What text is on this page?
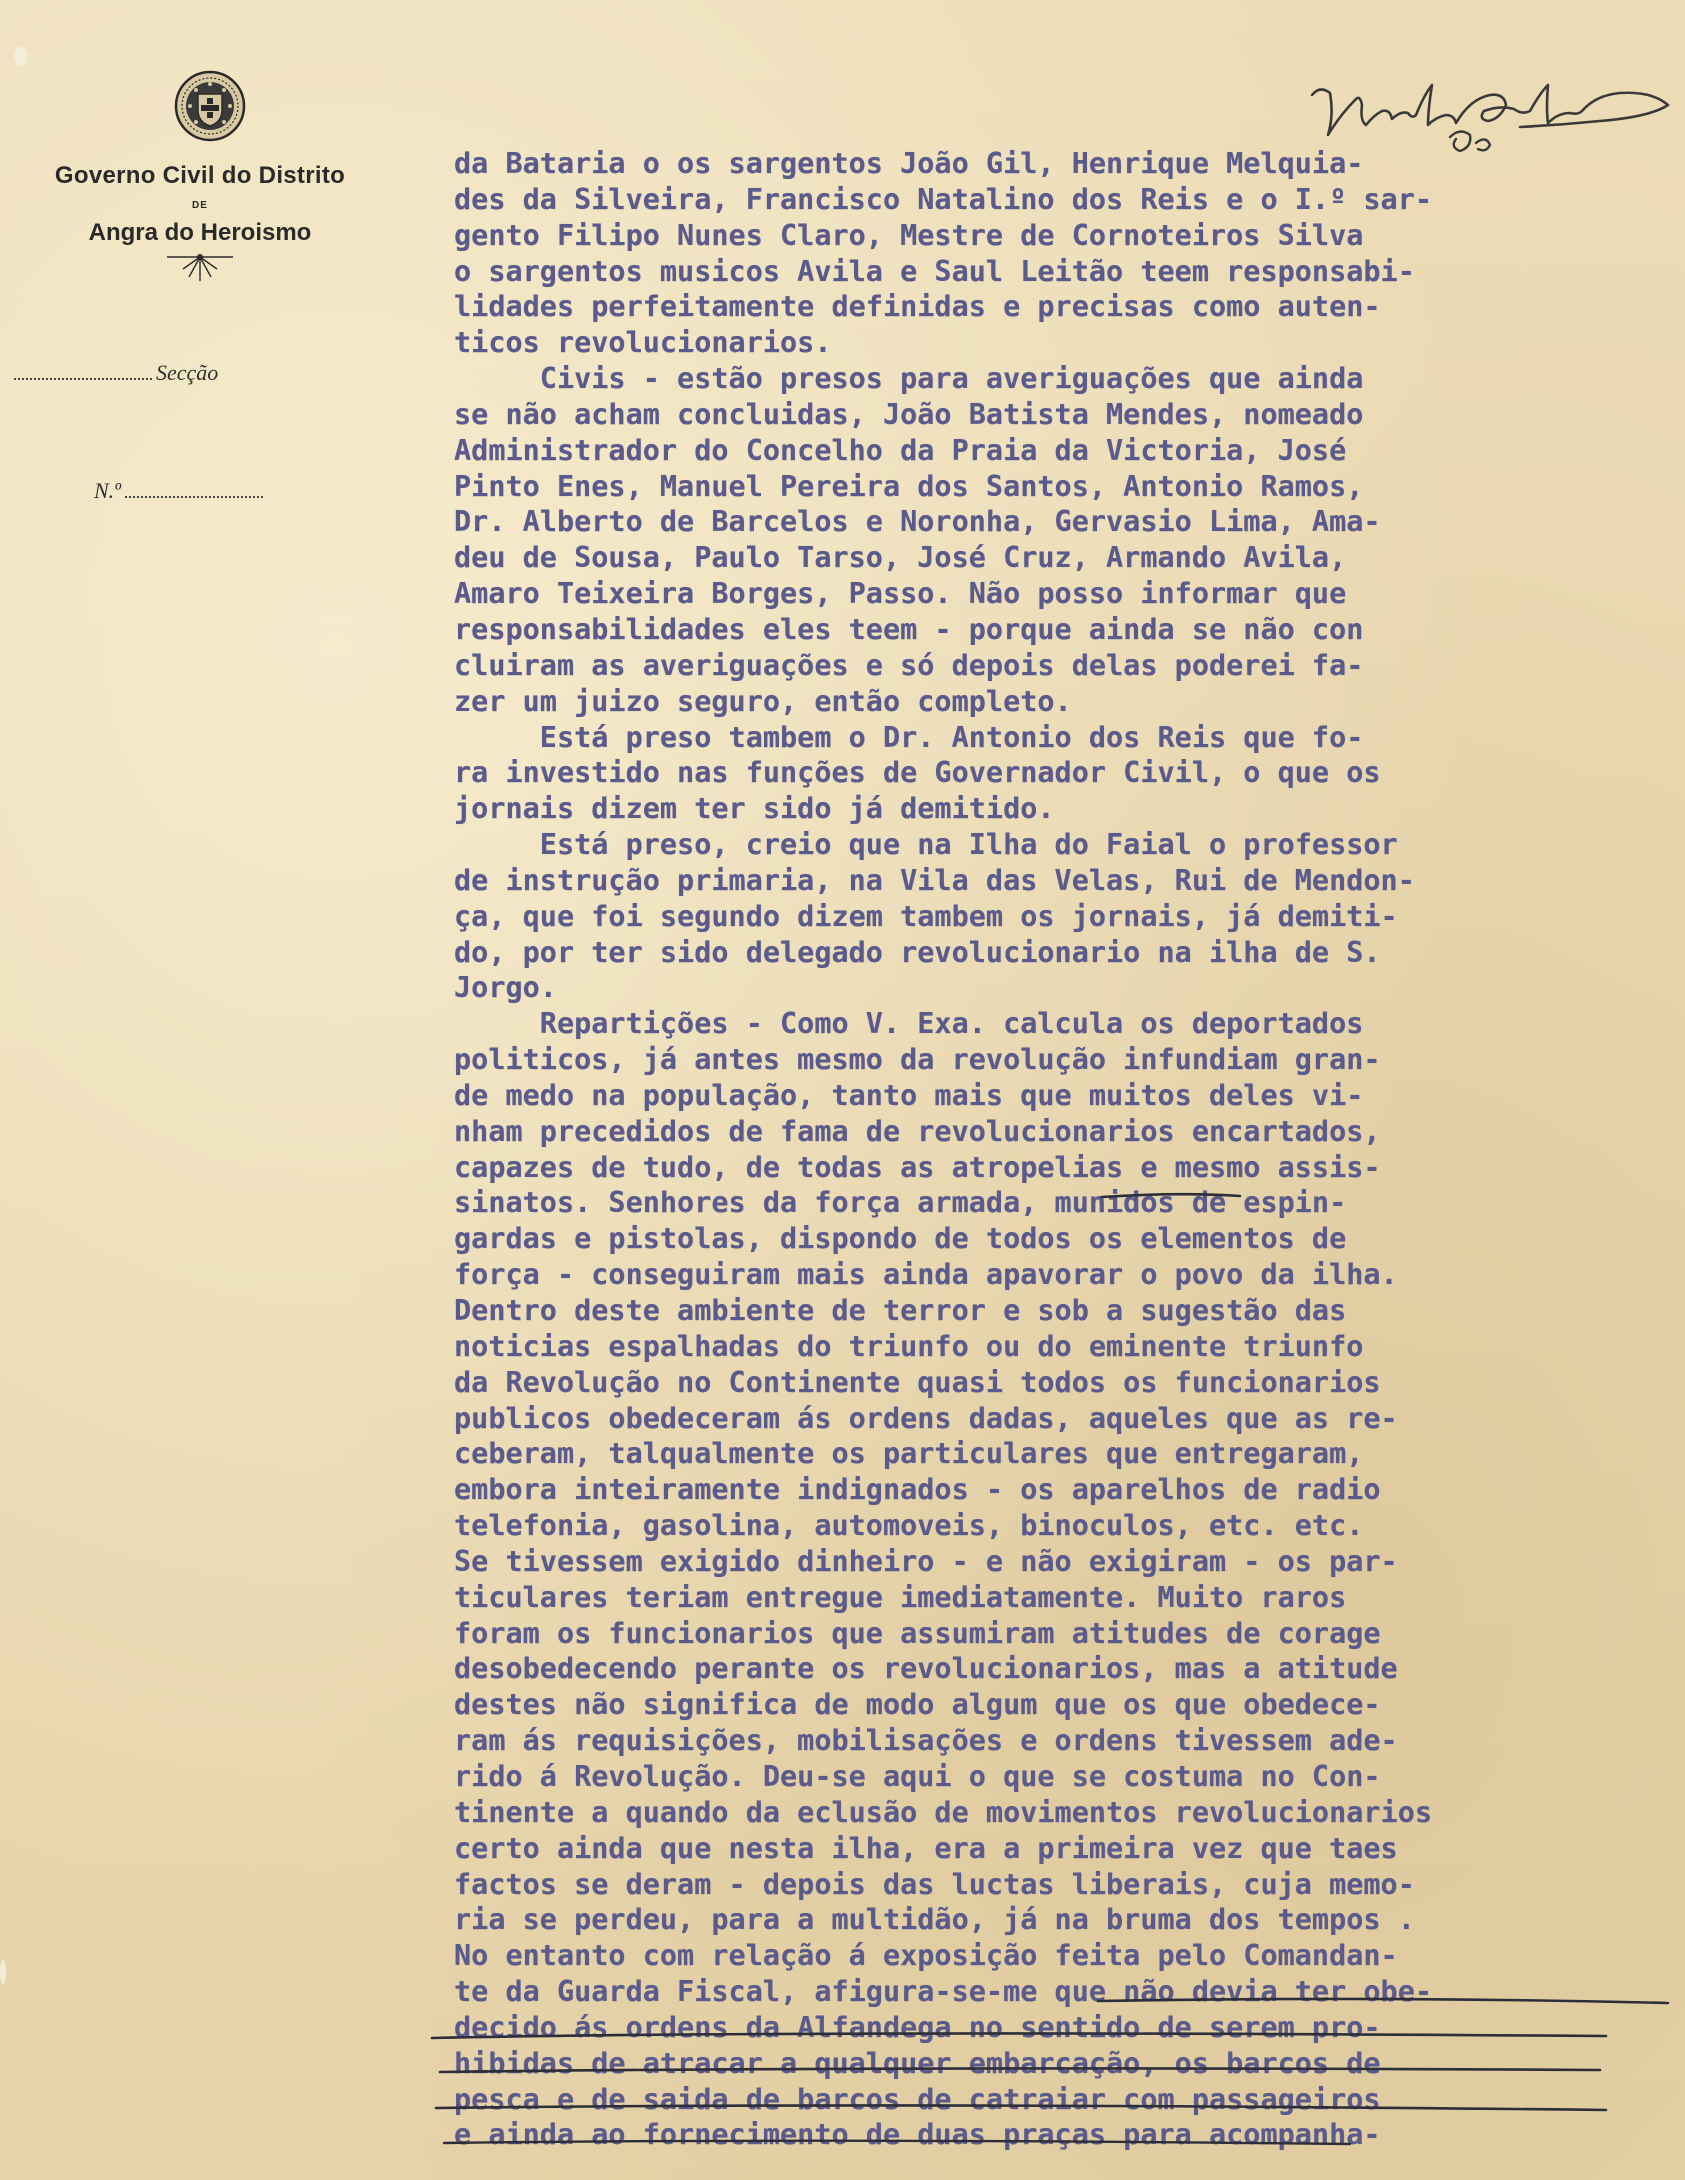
Governo Civil do Distrito
DE
Angra do Heroismo
Secção
N.º

da Bataria o os sargentos João Gil, Henrique Melquia-

des da Silveira, Francisco Natalino dos Reis e o I.º sar-

gento Filipo Nunes Claro, Mestre de Cornoteiros Silva

o sargentos musicos Avila e Saul Leitão teem responsabi-

lidades perfeitamente definidas e precisas como auten-

ticos revolucionarios.

Civis - estão presos para averiguações que ainda

se não acham concluidas, João Batista Mendes, nomeado

Administrador do Concelho da Praia da Victoria, José

Pinto Enes, Manuel Pereira dos Santos, Antonio Ramos,

Dr. Alberto de Barcelos e Noronha, Gervasio Lima, Ama-

deu de Sousa, Paulo Tarso, José Cruz, Armando Avila,

Amaro Teixeira Borges, Passo. Não posso informar que

responsabilidades eles teem - porque ainda se não con

cluiram as averiguações e só depois delas poderei fa-

zer um juizo seguro, então completo.

Está preso tambem o Dr. Antonio dos Reis que fo-

ra investido nas funções de Governador Civil, o que os

jornais dizem ter sido já demitido.

Está preso, creio que na Ilha do Faial o professor

de instrução primaria, na Vila das Velas, Rui de Mendon-

ça, que foi segundo dizem tambem os jornais, já demiti-

do, por ter sido delegado revolucionario na ilha de S.

Jorgo.

Repartições - Como V. Exa. calcula os deportados

politicos, já antes mesmo da revolução infundiam gran-

de medo na população, tanto mais que muitos deles vi-

nham precedidos de fama de revolucionarios encartados,

capazes de tudo, de todas as atropelias e mesmo assis-

sinatos. Senhores da força armada, munidos de espin-

gardas e pistolas, dispondo de todos os elementos de

força - conseguiram mais ainda apavorar o povo da ilha.

Dentro deste ambiente de terror e sob a sugestão das

noticias espalhadas do triunfo ou do eminente triunfo

da Revolução no Continente quasi todos os funcionarios

publicos obedeceram ás ordens dadas, aqueles que as re-

ceberam, talqualmente os particulares que entregaram,

embora inteiramente indignados - os aparelhos de radio

telefonia, gasolina, automoveis, binoculos, etc. etc.

Se tivessem exigido dinheiro - e não exigiram - os par-

ticulares teriam entregue imediatamente. Muito raros

foram os funcionarios que assumiram atitudes de corage

desobedecendo perante os revolucionarios, mas a atitude

destes não significa de modo algum que os que obedece-

ram ás requisições, mobilisações e ordens tivessem ade-

rido á Revolução. Deu-se aqui o que se costuma no Con-

tinente a quando da eclusão de movimentos revolucionarios

certo ainda que nesta ilha, era a primeira vez que taes

factos se deram - depois das luctas liberais, cuja memo-

ria se perdeu, para a multidão, já na bruma dos tempos .

No entanto com relação á exposição feita pelo Comandan-

te da Guarda Fiscal, afigura-se-me que não devia ter obe-

decido ás ordens da Alfandega no sentido de serem pro-

hibidas de atracar a qualquer embarcação, os barcos de

pesca e de saida de barcos de catraiar com passageiros

e ainda ao fornecimento de duas praças para acompanha-
